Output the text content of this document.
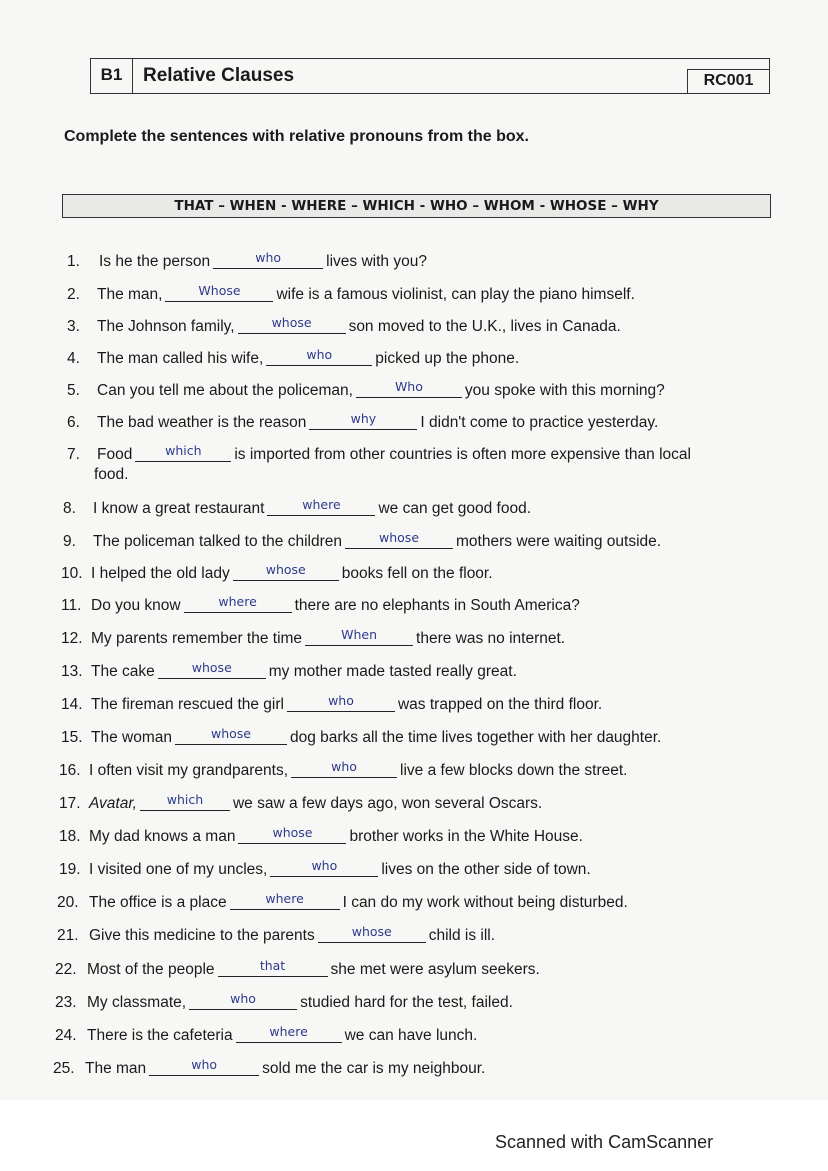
B1	Relative Clauses	RC001
Complete the sentences with relative pronouns from the box.
THAT – WHEN - WHERE – WHICH - WHO – WHOM - WHOSE – WHY
1. Is he the person	$^{who}$	lives with you?
2. The man,	$^{Whose}$ wife is a famous violinist, can play the piano himself.
3. The Johnson family,	$^{whose}$ son moved to the U.K., lives in Canada.
4. The man called his wife,	$^{who}$	picked up the phone.
5. Can you tell me about the policeman,	$^{Who}$	you spoke with this morning?
6. The bad weather is the reason	$^{why}$	I didn't come to practice yesterday.
7. Food	$^{which}$ is imported from other countries is often more expensive than local
food.
8. I know a great restaurant	$^{where}$ we can get good food.
9. The policeman talked to the children	$^{whose}$ mothers were waiting outside.
10. I helped the old lady	$^{whose}$ books fell on the floor.
11. Do you know	$^{where}$ there are no elephants in South America?
12. My parents remember the time	$^{When}$	there was no internet.
13. The cake	$^{whose}$ my mother made tasted really great.
14. The fireman rescued the girl	$^{who}$	was trapped on the third floor.
15. The woman	$^{whose}$	dog barks all the time lives together with her daughter.
16. I often visit my grandparents,	$^{who}$	live a few blocks down the street.
17. Avatar, $^{which}$ we saw a few days ago, won several Oscars.
18. My dad knows a man	$^{whose}$ brother works in the White House.
19. I visited one of my uncles,	$^{who}$	lives on the other side of town.
20. The office is a place	$^{where}$	I can do my work without being disturbed.
21. Give this medicine to the parents	$^{whose}$ child is ill.
22. Most of the people	$^{that}$	she met were asylum seekers.
23. My classmate,	$^{who}$	studied hard for the test, failed.
24. There is the cafeteria	$^{where}$ we can have lunch.
25. The man	$^{who}$	sold me the car is my neighbour.
Scanned with CamScanner
